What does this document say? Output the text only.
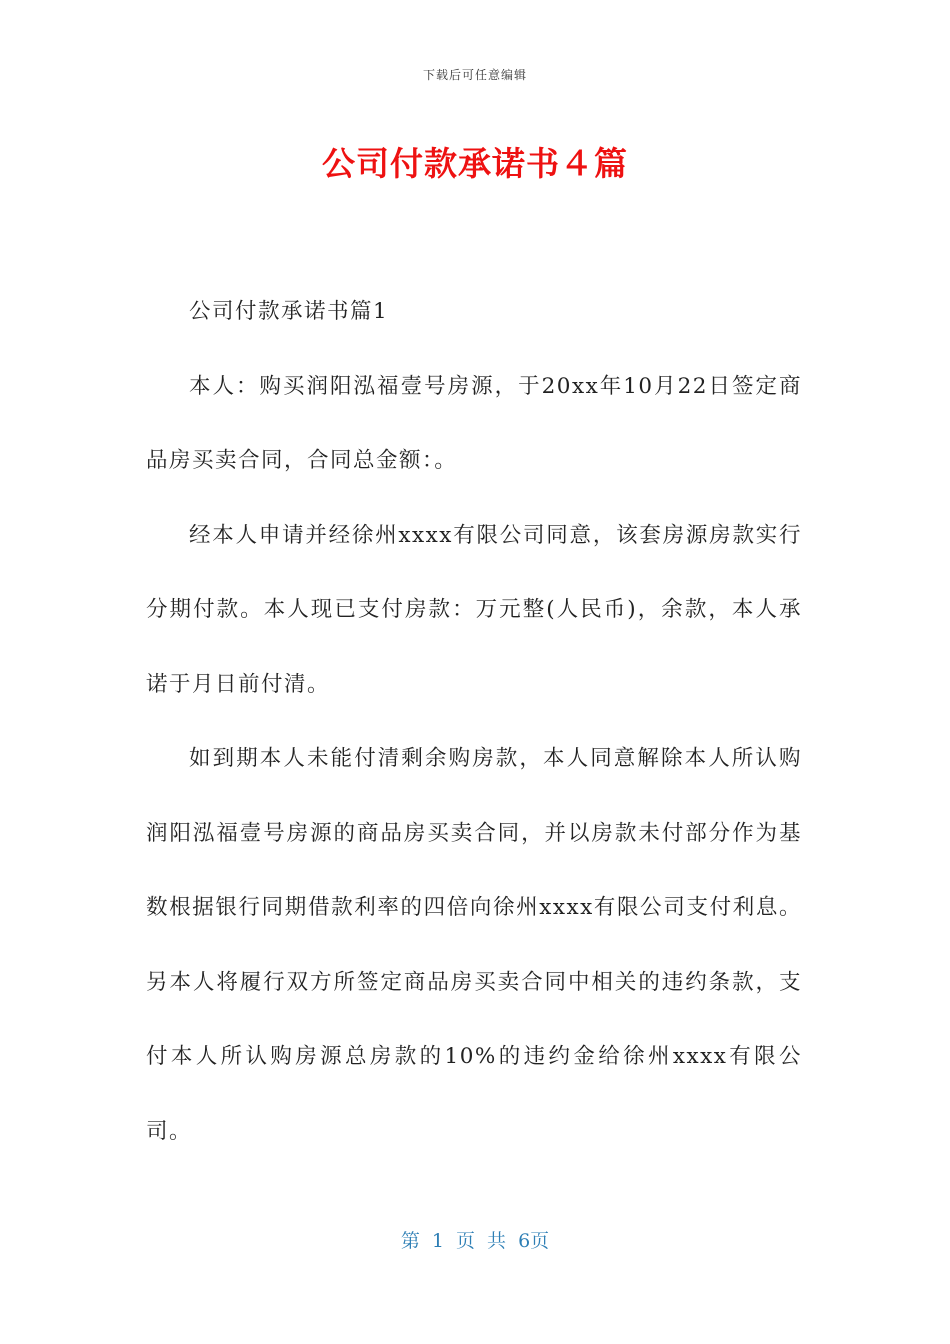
下载后可任意编辑
公司付款承诺书４篇

公司付款承诺书篇1

本人：购买润阳泓福壹号房源，于20xx年10月22日签定商品房买卖合同，合同总金额：。

经本人申请并经徐州xxxx有限公司同意，该套房源房款实行分期付款。本人现已支付房款：万元整(人民币)，余款，本人承诺于月日前付清。

如到期本人未能付清剩余购房款，本人同意解除本人所认购润阳泓福壹号房源的商品房买卖合同，并以房款未付部分作为基数根据银行同期借款利率的四倍向徐州xxxx有限公司支付利息。另本人将履行双方所签定商品房买卖合同中相关的违约条款，支付本人所认购房源总房款的10%的违约金给徐州xxxx有限公司。

第 1 页 共 6页
